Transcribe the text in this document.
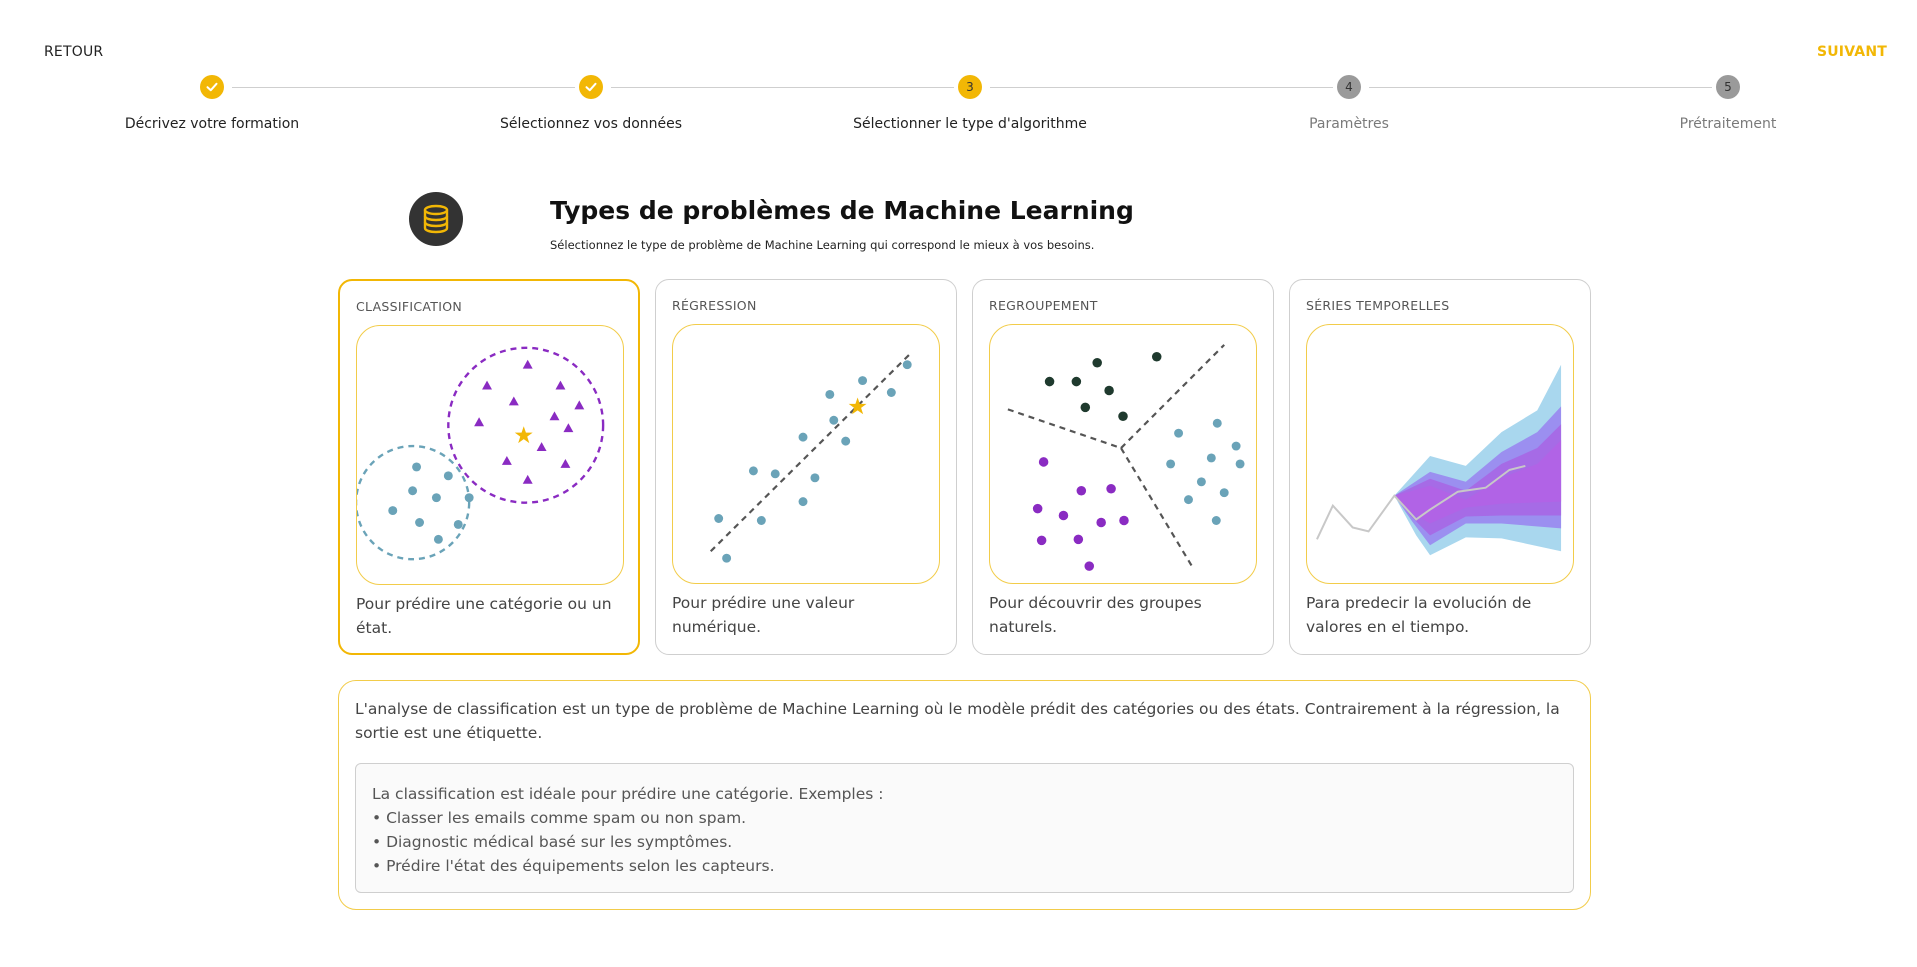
RETOUR	SUIVANT
3	4	5
Décrivez votre formation	Sélectionnez vos données	Sélectionner le type d'algorithme	Paramètres	Prétraitement
Types de problèmes de Machine Learning
Sélectionnez le type de problème de Machine Learning qui correspond le mieux à vos besoins.
CLASSIFICATION
Pour prédire une catégorie ou un état.
RÉGRESSION
Pour prédire une valeur numérique.
REGROUPEMENT
Pour découvrir des groupes naturels.
SÉRIES TEMPORELLES
Para predecir la evolución de valores en el tiempo.
L'analyse de classification est un type de problème de Machine Learning où le modèle prédit des catégories ou des états. Contrairement à la régression, la sortie est une étiquette.
La classification est idéale pour prédire une catégorie. Exemples :
• Classer les emails comme spam ou non spam.
• Diagnostic médical basé sur les symptômes.
• Prédire l'état des équipements selon les capteurs.
